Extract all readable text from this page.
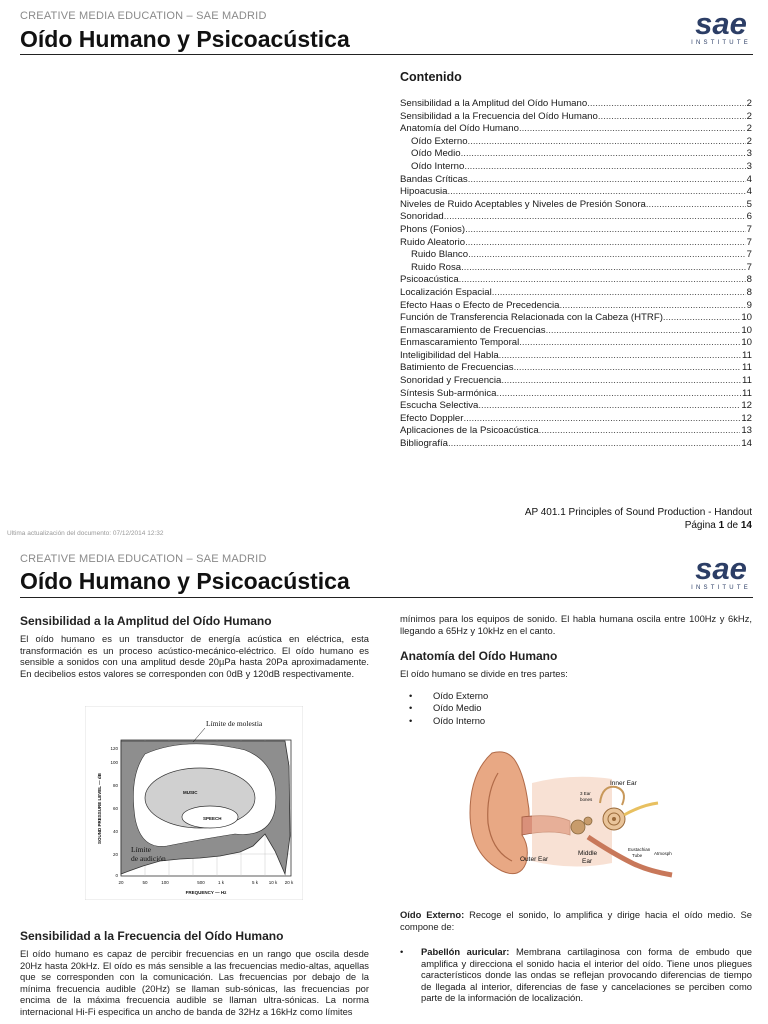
CREATIVE MEDIA EDUCATION – SAE MADRID
Oído Humano y Psicoacústica	sae
INSTITUTE
Contenido
Sensibilidad a la Amplitud del Oído Humano .....	2
Sensibilidad a la Frecuencia del Oído Humano .....	2
Anatomía del Oído Humano .....	2
Oído Externo .....	2
Oído Medio .....	3
Oído Interno .....	3
Bandas Críticas .....	4
Hipoacusia .....	4
Niveles de Ruido Aceptables y Niveles de Presión Sonora .....	5
Sonoridad .....	6
Phons (Fonios) .....	7
Ruido Aleatorio .....	7
Ruido Blanco .....	7
Ruido Rosa .....	7
Psicoacústica .....	8
Localización Espacial .....	8
Efecto Haas o Efecto de Precedencia .....	9
Función de Transferencia Relacionada con la Cabeza (HTRF) .....	10
Enmascaramiento de Frecuencias .....	10
Enmascaramiento Temporal .....	10
Inteligibilidad del Habla .....	11
Batimiento de Frecuencias .....	11
Sonoridad y Frecuencia .....	11
Síntesis Sub-armónica .....	11
Escucha Selectiva .....	12
Efecto Doppler .....	12
Aplicaciones de la Psicoacústica .....	13
Bibliografía .....	14
AP 401.1 Principles of Sound Production - Handout
Página 1 de 14
Ultima actualización del documento: 07/12/2014 12:32
CREATIVE MEDIA EDUCATION – SAE MADRID
Oído Humano y Psicoacústica	sae
INSTITUTE
Sensibilidad a la Amplitud del Oído Humano
El oído humano es un transductor de energía acústica en eléctrica, esta transformación es un proceso acústico-mecánico-eléctrico. El oído humano es sensible a sonidos con una amplitud desde 20µPa hasta 20Pa aproximadamente. En decibelios estos valores se corresponden con 0dB y 120dB respectivamente.
Límite de molestia
MUSIC
SPEECH
Límite
de audición
120
100
80
60
40
20
0
20	50	100	500	1 k	5 k 10 k 20 k
FREQUENCY — Hz
SOUND PRESSURE LEVEL — dB
Sensibilidad a la Frecuencia del Oído Humano
El oído humano es capaz de percibir frecuencias en un rango que oscila desde 20Hz hasta 20kHz. El oído es más sensible a las frecuencias medio-altas, aquellas que se corresponden con la comunicación. Las frecuencias por debajo de la mínima frecuencia audible (20Hz) se llaman sub-sónicas, las frecuencias por encima de la máxima frecuencia audible se llaman ultra-sónicas. La norma internacional Hi-Fi especifica un ancho de banda de 32Hz a 16kHz como límites
mínimos para los equipos de sonido. El habla humana oscila entre 100Hz y 6kHz, llegando a 65Hz y 10kHz en el canto.
Anatomía del Oído Humano
El oído humano se divide en tres partes:
• Oído Externo
• Oído Medio
• Oído Interno
Inner Ear
3 Ear
bones
Outer Ear
Middle
Ear
Eustachian
Tube	Atmosph
Oído Externo: Recoge el sonido, lo amplifica y dirige hacia el oído medio. Se compone de:
• Pabellón auricular: Membrana cartilaginosa con forma de embudo que amplifica y direcciona el sonido hacia el interior del oído. Tiene unos pliegues característicos donde las ondas se reflejan provocando diferencias de tiempo de llegada al interior, diferencias de fase y cancelaciones se perciben como parte de la información de localización.
